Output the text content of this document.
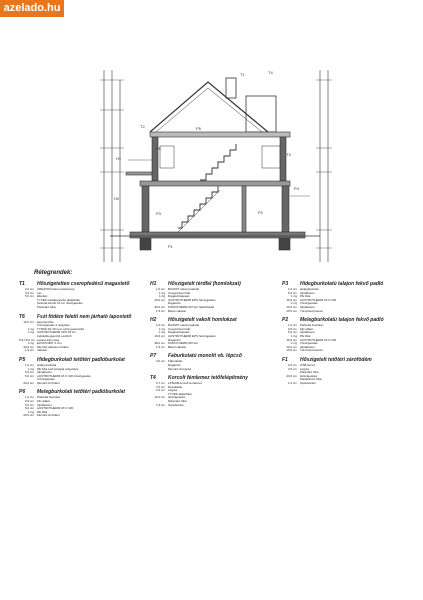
azelado.hu
T2
T1	T4
P5
P6
H1
T3
H2
P3	P2
P1
P4
Rétegrendek:
T1	Hőszigetelten cserepfedésű magastető
2,0 cm	CREATON beton tetőcserép
3,0 cm	Léc
5,0 cm	Ellenléc
TYVEK páraáteresztő alátétfólia
Szarufa között 15 cm hőszigetelés
Párazáró fólia
T6	Fszt födém feletti nem járható lapostető
16,0 cm	kavicsterítés
Vízszigetelés 2 rétegben
1 rtg	TYPAR SF 40 nem szőtt geotextília
1 rtg	AUSTROTHERM XPS 15 cm
Felületkiegyenlítő esztrich
5,5-15,0 cm Lejtést adó réteg
1 rtg	ELASTOBIT 4 mm
20,0 cm	Monolit vasbeton födém
1,5 cm	Vakolat
P5	Hidegburkolati tetőtéri padlóburkolat
1,0 cm	Hideg burkolat
1 rtg	PE fólia technológiai szigetelés
5,0 cm	Aljzatbeton
5,0 cm	AUSTROTHERM AT-N 100 hőszigetelés
Vízszigetelés
20,0 cm	Monolit vb födém
P6	Melegburkolati tetőtéri padlóburkolat
1,0 cm	Parketta burkolat
0,5 cm	Filc alátét
5,0 cm	Aljzatbeton
5,0 cm	AUSTROTHERM AT-N 100
1 rtg	PE fólia
20,0 cm	Monolit vb födém
H1	Hőszigetelt térdfal (homlokzat)
1,0 cm	BAUMIT vékonyvakolat
1 rtg	Üvegszövet háló
1 rtg	Ragasztótapasz
10,0 cm	AUSTROTHERM EPS hőszigetelés
Ragasztó
30,0 cm	POROTHERM 30 N+F falazóblokk
1,5 cm	Belső vakolat
H2	Hőszigetelt vakolt homlokzat
1,0 cm	BAUMIT vékonyvakolat
1 rtg	Üvegszövet háló
1 rtg	Ragasztótapasz
10,0 cm	AUSTROTHERM EPS hőszigetelés
Ragasztó
38,0 cm	POROTHERM 38 N+F
1,5 cm	Belső vakolat
P7	Faburkolatú monolit vb. lépcső
3,0 cm	Faburkolat
Ragasztó
Monolit vb lépcső
T4	Korcolt fémlemez tetőfelépítmény
0,7 cm	LINDAB korcolt fémlemez
2,5 cm	Deszkázat
2,5 cm	Légrés
TYVEK alátétfólia
12,0 cm	Hőszigetelés
Párazáró fólia
1,5 cm	Gipszkarton
P3	Hidegburkolatú talajon fekvő padló
1,0 cm	Hidegburkolat
5,0 cm	Aljzatbeton
1 rtg	PE fólia
10,0 cm	AUSTROTHERM AT-N 100
1 rtg	Vízszigetelés
10,0 cm	Aljzatbeton
15,0 cm	Tömörített kavics
P2	Melegburkolatú talajon fekvő padló
1,0 cm	Parketta burkolat
0,5 cm	Filc alátét
5,0 cm	Aljzatbeton
1 rtg	PE fólia
10,0 cm	AUSTROTHERM AT-N 100
1 rtg	Vízszigetelés
10,0 cm	Aljzatbeton
15,0 cm	Tömörített kavics
F1	Hőszigetelt tetőtéri zárófödém
2,5 cm	OSB lemez
2,5 cm	Légrés
Párazáró fólia
20,0 cm	Hőszigetelés
Párafékező fólia
1,5 cm	Gipszkarton
